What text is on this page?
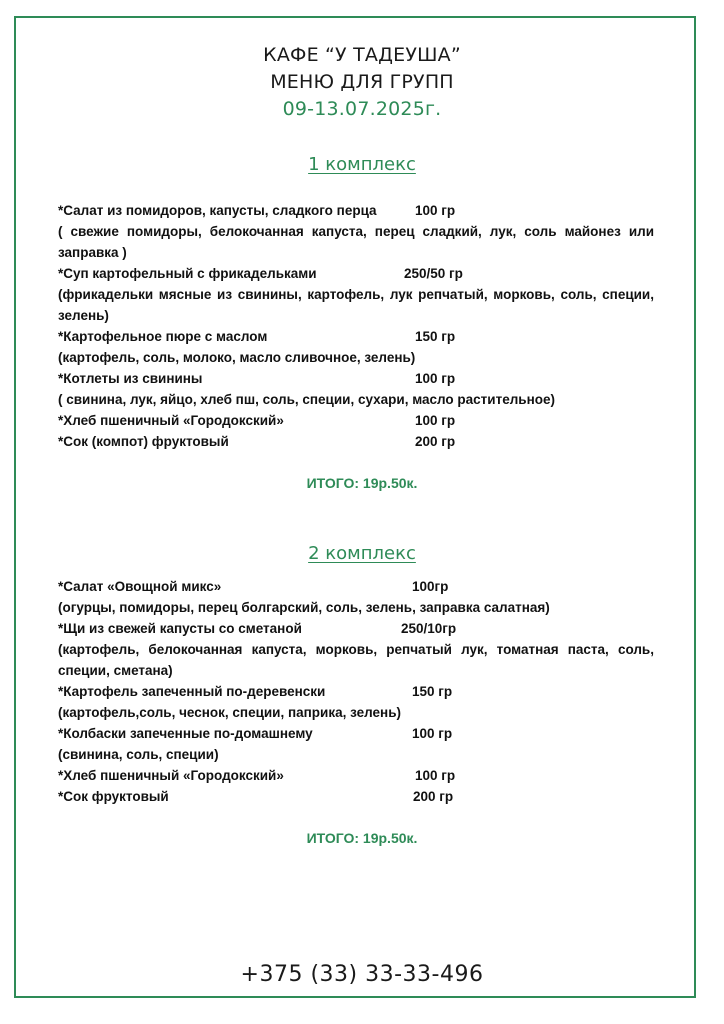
КАФЕ “У ТАДЕУША”
МЕНЮ ДЛЯ ГРУПП
09-13.07.2025г.
1 комплекс
*Салат из помидоров, капусты, сладкого перца	100 гр
( свежие помидоры, белокочанная капуста, перец сладкий, лук, соль майонез или заправка )
*Суп картофельный с фрикадельками	250/50 гр
(фрикадельки мясные из свинины, картофель, лук репчатый, морковь, соль, специи, зелень)
*Картофельное пюре с маслом	150 гр
(картофель, соль, молоко, масло сливочное, зелень)
*Котлеты из свинины	100 гр
( свинина, лук, яйцо, хлеб пш, соль, специи, сухари, масло растительное)
*Хлеб пшеничный «Городокский»	100 гр
*Сок (компот) фруктовый	200 гр
ИТОГО: 19р.50к.
2 комплекс
*Салат «Овощной микс»	100гр
(огурцы, помидоры, перец болгарский, соль, зелень, заправка салатная)
*Щи из свежей капусты со сметаной	250/10гр
(картофель, белокочанная капуста, морковь, репчатый лук, томатная паста, соль, специи, сметана)
*Картофель запеченный по-деревенски	150 гр
(картофель,соль, чеснок, специи, паприка, зелень)
*Колбаски запеченные по-домашнему	100 гр
(свинина, соль, специи)
*Хлеб пшеничный «Городокский»	100 гр
*Сок фруктовый	200 гр
ИТОГО: 19р.50к.
+375 (33) 33-33-496
